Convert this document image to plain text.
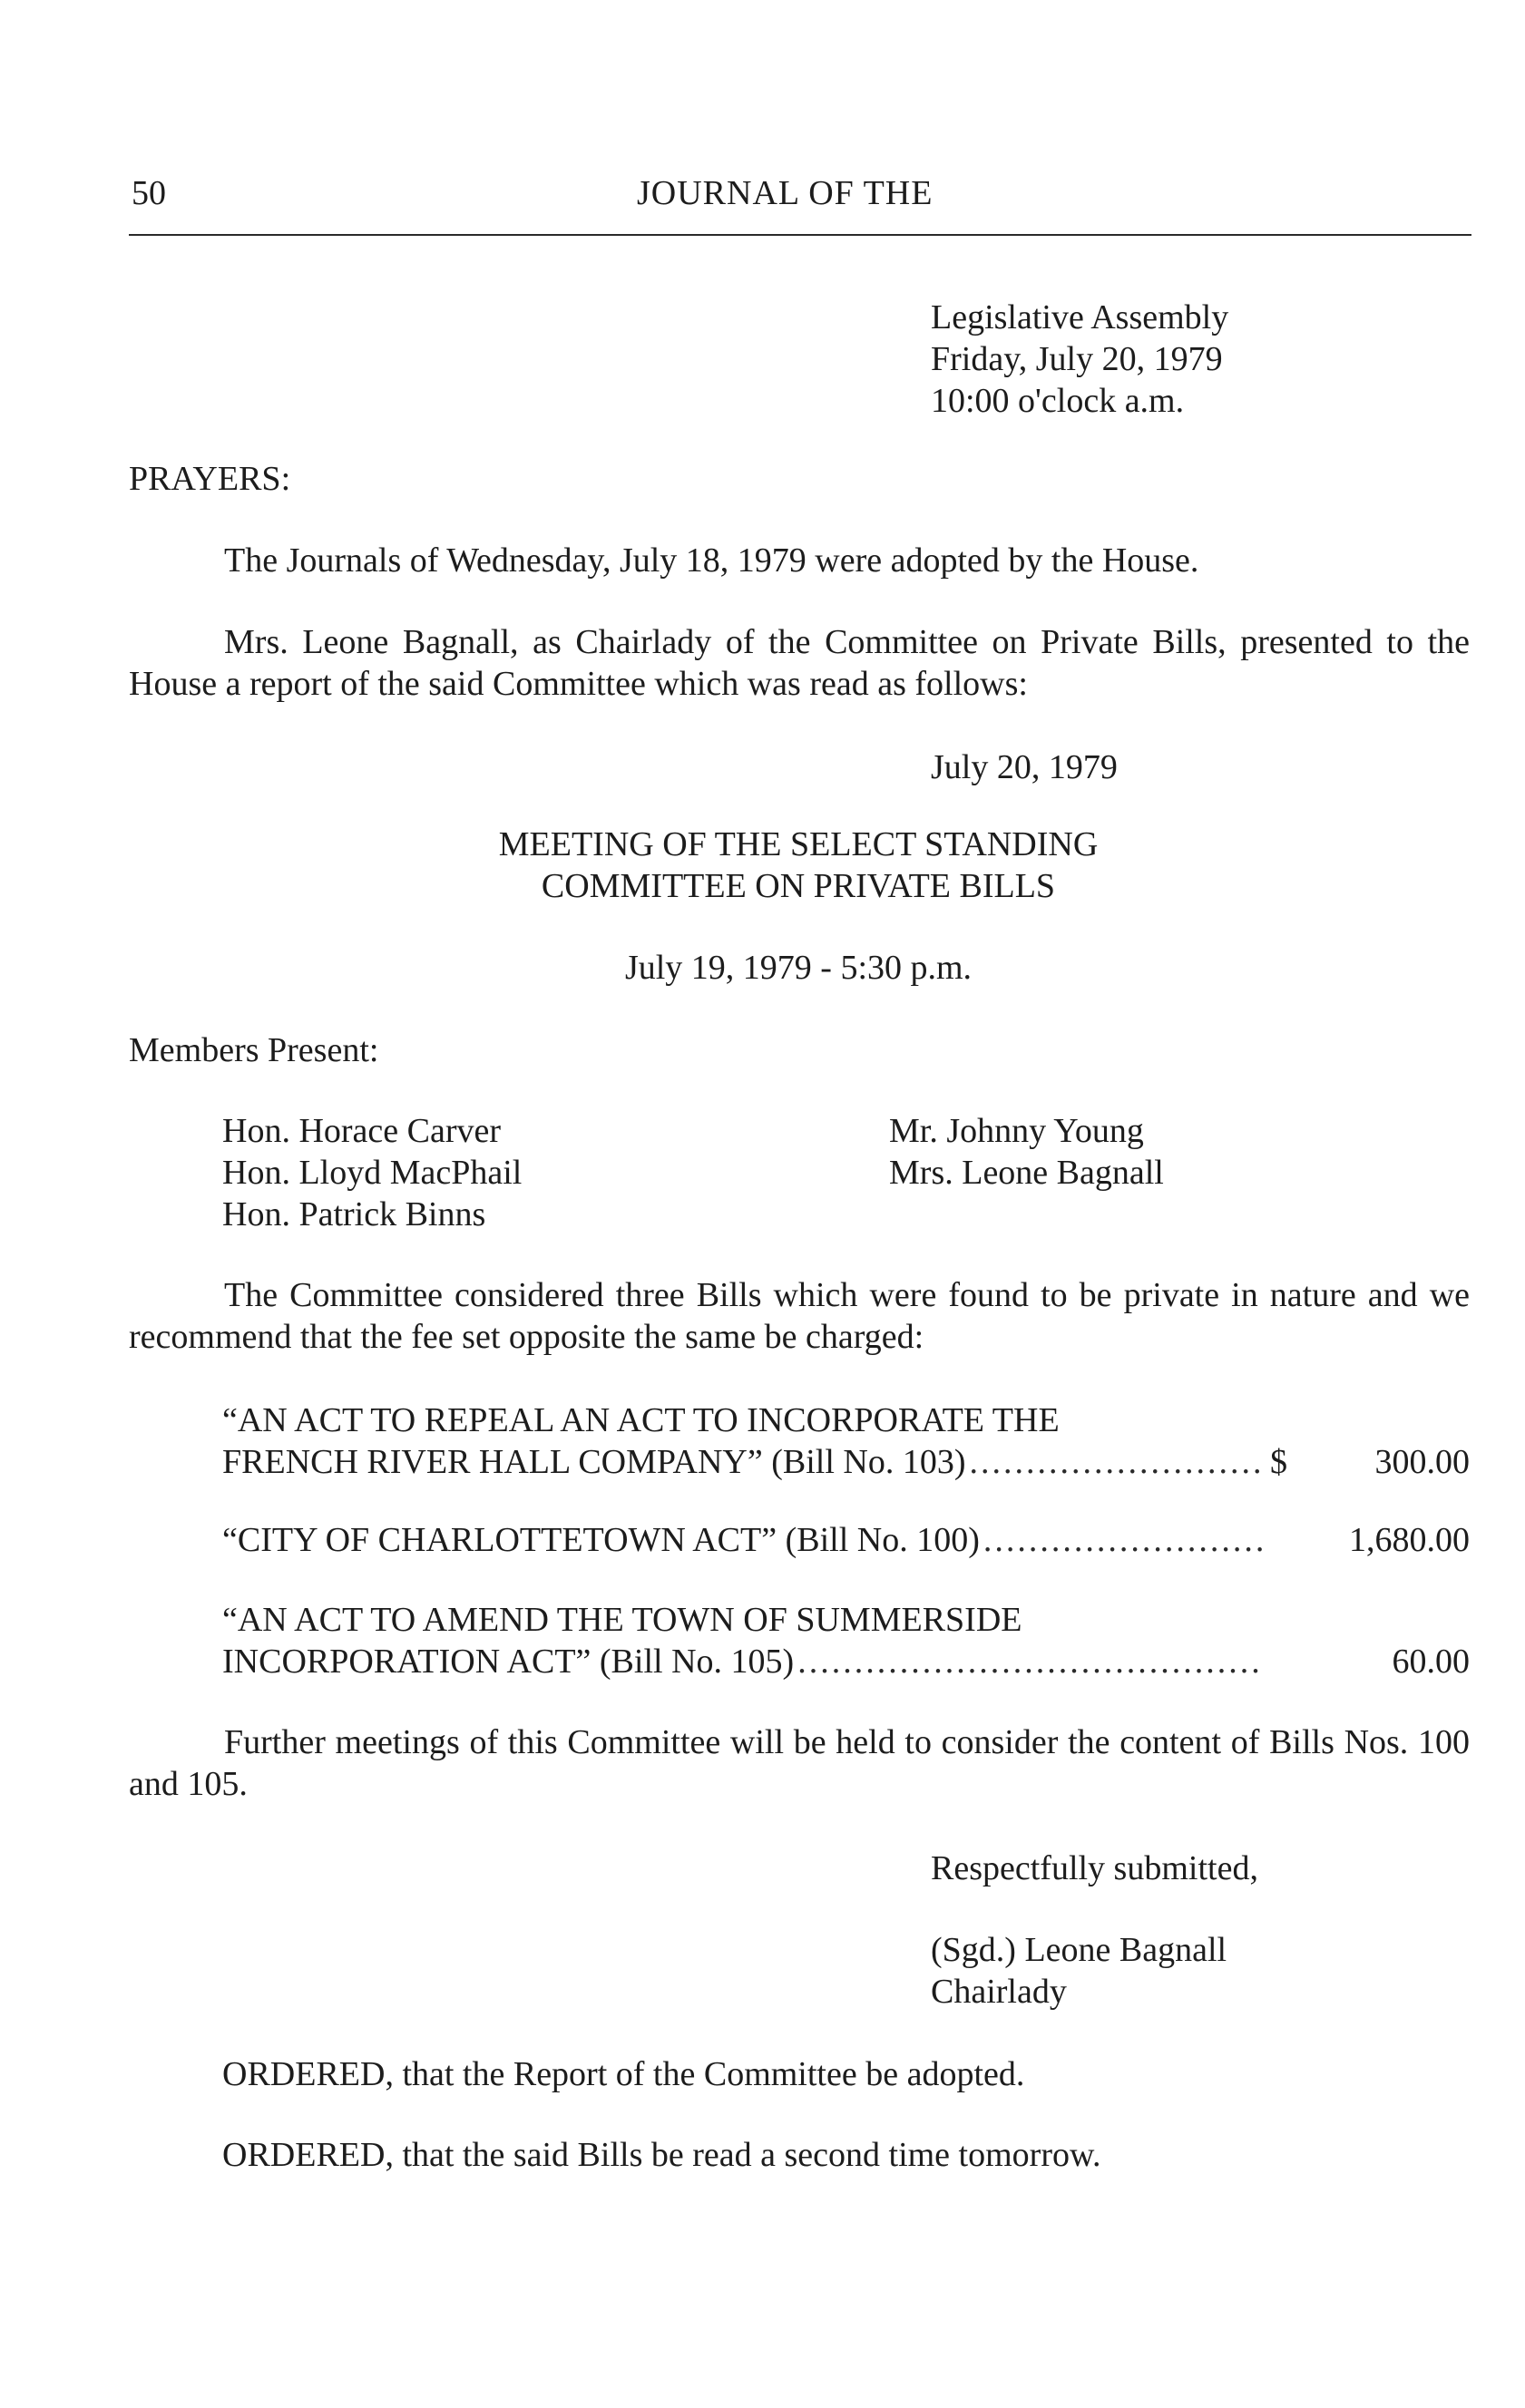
50	JOURNAL OF THE
Legislative Assembly
Friday, July 20, 1979
10:00 o'clock a.m.
PRAYERS:

The Journals of Wednesday, July 18, 1979 were adopted by the House.

Mrs. Leone Bagnall, as Chairlady of the Committee on Private Bills, presented to the House a report of the said Committee which was read as follows:

July 20, 1979
MEETING OF THE SELECT STANDING
COMMITTEE ON PRIVATE BILLS
July 19, 1979 - 5:30 p.m.
Members Present:
Hon. Horace Carver
Hon. Lloyd MacPhail
Hon. Patrick Binns
Mr. Johnny Young
Mrs. Leone Bagnall

The Committee considered three Bills which were found to be private in nature and we recommend that the fee set opposite the same be charged:

“AN ACT TO REPEAL AN ACT TO INCORPORATE THE
FRENCH RIVER HALL COMPANY” (Bill No. 103) .....	$	300.00
“CITY OF CHARLOTTETOWN ACT” (Bill No. 100) .....	1,680.00
“AN ACT TO AMEND THE TOWN OF SUMMERSIDE
INCORPORATION ACT” (Bill No. 105) .....	60.00

Further meetings of this Committee will be held to consider the content of Bills Nos. 100 and 105.

Respectfully submitted,
(Sgd.) Leone Bagnall
Chairlady
ORDERED, that the Report of the Committee be adopted.
ORDERED, that the said Bills be read a second time tomorrow.
